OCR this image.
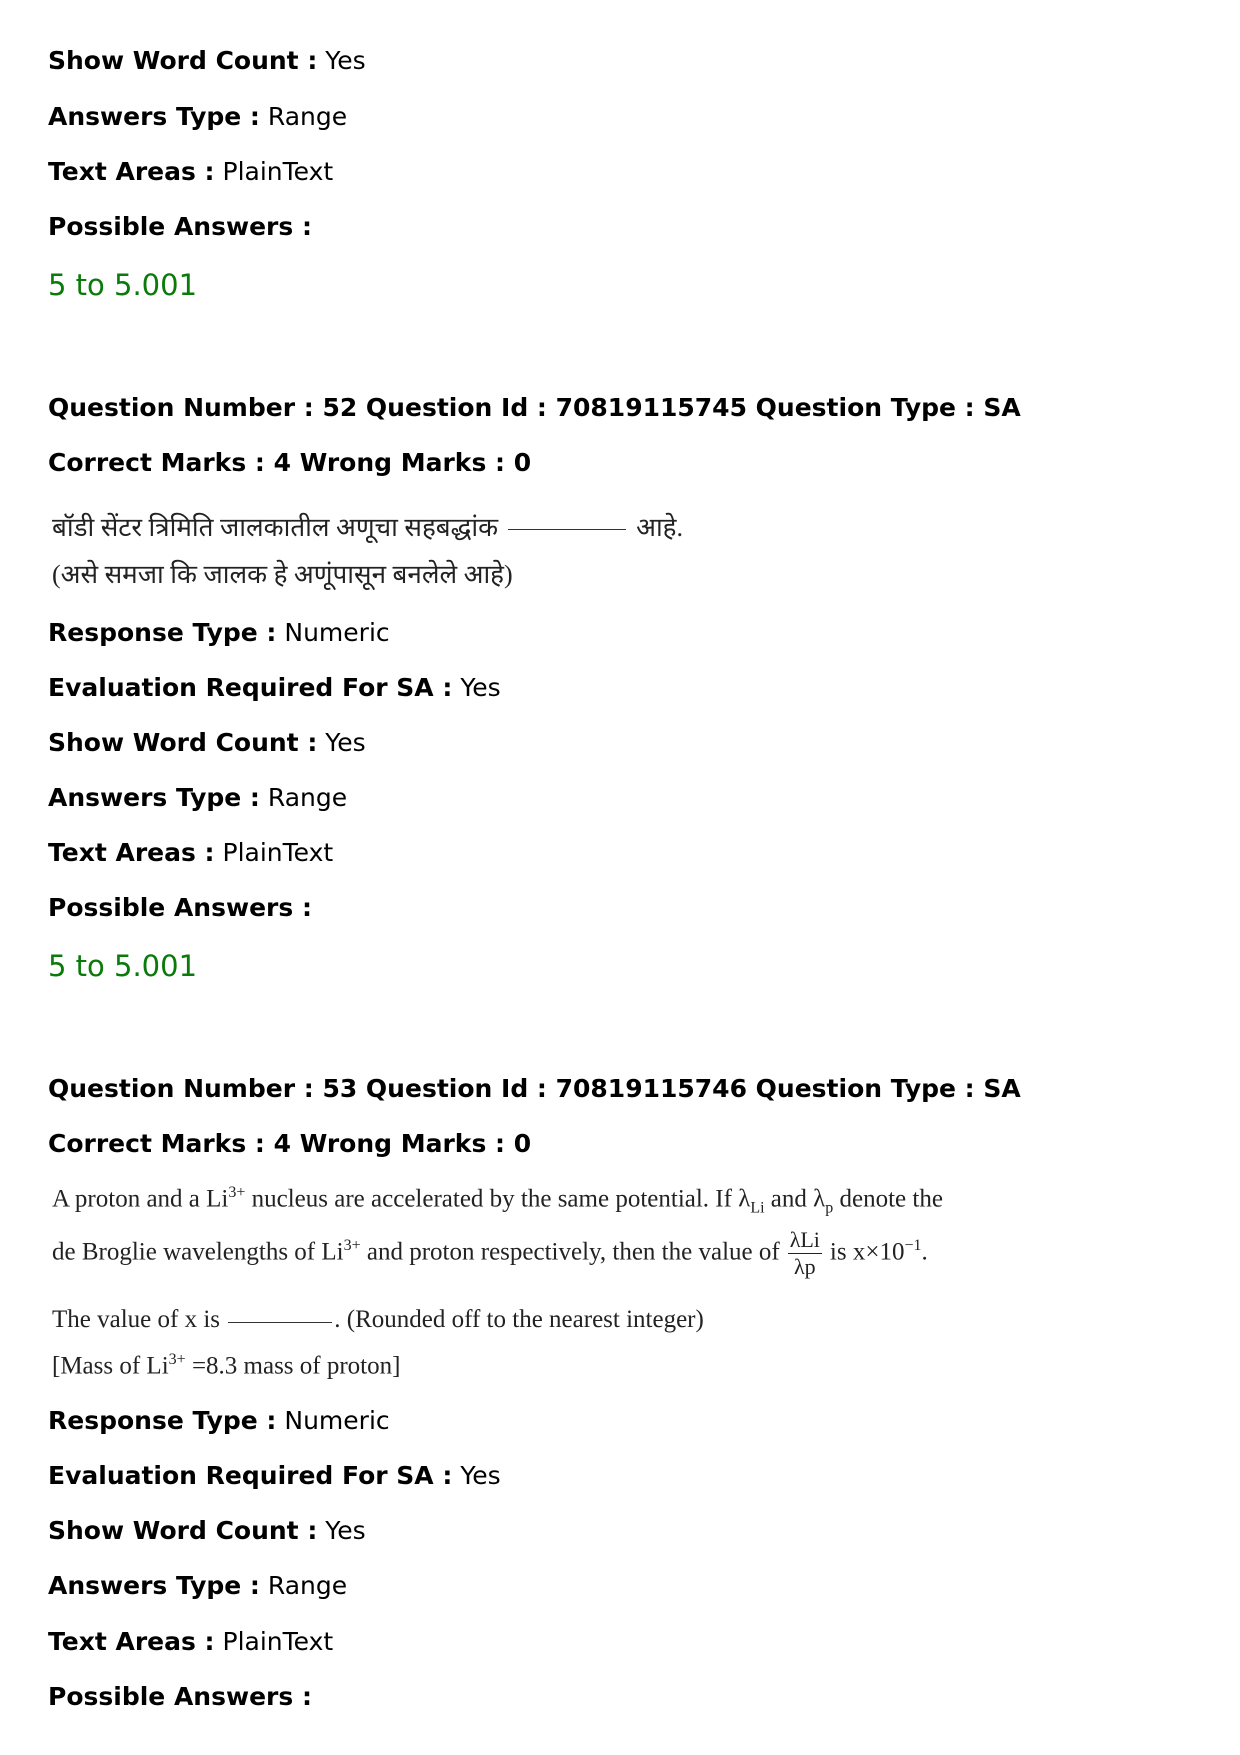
Show Word Count : Yes
Answers Type : Range
Text Areas : PlainText
Possible Answers :
5 to 5.001
Question Number : 52 Question Id : 70819115745 Question Type : SA
Correct Marks : 4 Wrong Marks : 0
बॉडी सेंटर त्रिमिति जालकातील अणूचा सहबद्धांक	आहे.
(असे समजा कि जालक हे अणूंपासून बनलेले आहे)
Response Type : Numeric
Evaluation Required For SA : Yes
Show Word Count : Yes
Answers Type : Range
Text Areas : PlainText
Possible Answers :
5 to 5.001
Question Number : 53 Question Id : 70819115746 Question Type : SA
Correct Marks : 4 Wrong Marks : 0
A proton and a $Li^{3+}$ nucleus are accelerated by the same potential. If $\lambda_{Li}$ and $\lambda_p$ denote the
de Broglie wavelengths of $Li^{3+}$ and proton respectively, then the value of $\frac{\text{λLi}}{\lambda p}$ is $x\times 10^{-1}$.
The value of x is	. (Rounded off to the nearest integer)
[Mass of $Li^{3+} =8.3$ mass of proton]
Response Type : Numeric
Evaluation Required For SA : Yes
Show Word Count : Yes
Answers Type : Range
Text Areas : PlainText
Possible Answers :
